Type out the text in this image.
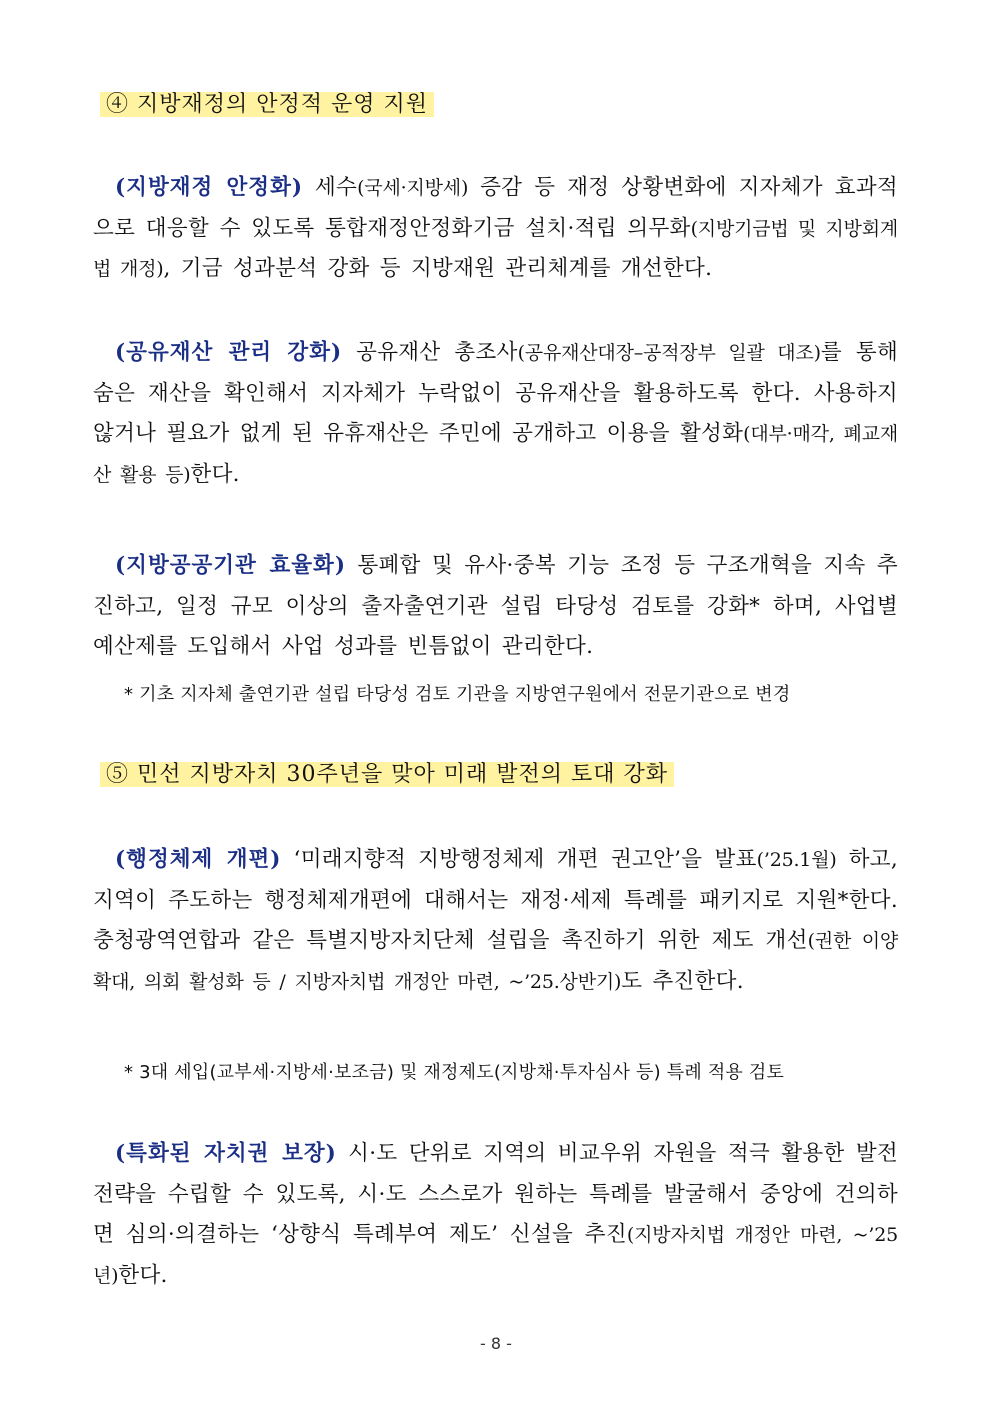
④ 지방재정의 안정적 운영 지원
(지방재정 안정화) 세수(국세·지방세) 증감 등 재정 상황변화에 지자체가 효과적으로 대응할 수 있도록 통합재정안정화기금 설치·적립 의무화(지방기금법 및 지방회계법 개정), 기금 성과분석 강화 등 지방재원 관리체계를 개선한다.
(공유재산 관리 강화) 공유재산 총조사(공유재산대장–공적장부 일괄 대조)를 통해 숨은 재산을 확인해서 지자체가 누락없이 공유재산을 활용하도록 한다. 사용하지 않거나 필요가 없게 된 유휴재산은 주민에 공개하고 이용을 활성화(대부·매각, 폐교재산 활용 등)한다.
(지방공공기관 효율화) 통폐합 및 유사·중복 기능 조정 등 구조개혁을 지속 추진하고, 일정 규모 이상의 출자출연기관 설립 타당성 검토를 강화* 하며, 사업별 예산제를 도입해서 사업 성과를 빈틈없이 관리한다.
* 기초 지자체 출연기관 설립 타당성 검토 기관을 지방연구원에서 전문기관으로 변경
⑤ 민선 지방자치 30주년을 맞아 미래 발전의 토대 강화
(행정체제 개편) ‘미래지향적 지방행정체제 개편 권고안’을 발표(’25.1월) 하고, 지역이 주도하는 행정체제개편에 대해서는 재정·세제 특례를 패키지로 지원*한다. 충청광역연합과 같은 특별지방자치단체 설립을 촉진하기 위한 제도 개선(권한 이양 확대, 의회 활성화 등 / 지방자치법 개정안 마련, ~’25.상반기)도 추진한다.
* 3대 세입(교부세·지방세·보조금) 및 재정제도(지방채·투자심사 등) 특례 적용 검토
(특화된 자치권 보장) 시·도 단위로 지역의 비교우위 자원을 적극 활용한 발전전략을 수립할 수 있도록, 시·도 스스로가 원하는 특례를 발굴해서 중앙에 건의하면 심의·의결하는 ‘상향식 특례부여 제도’ 신설을 추진(지방자치법 개정안 마련, ~’25년)한다.
- 8 -
